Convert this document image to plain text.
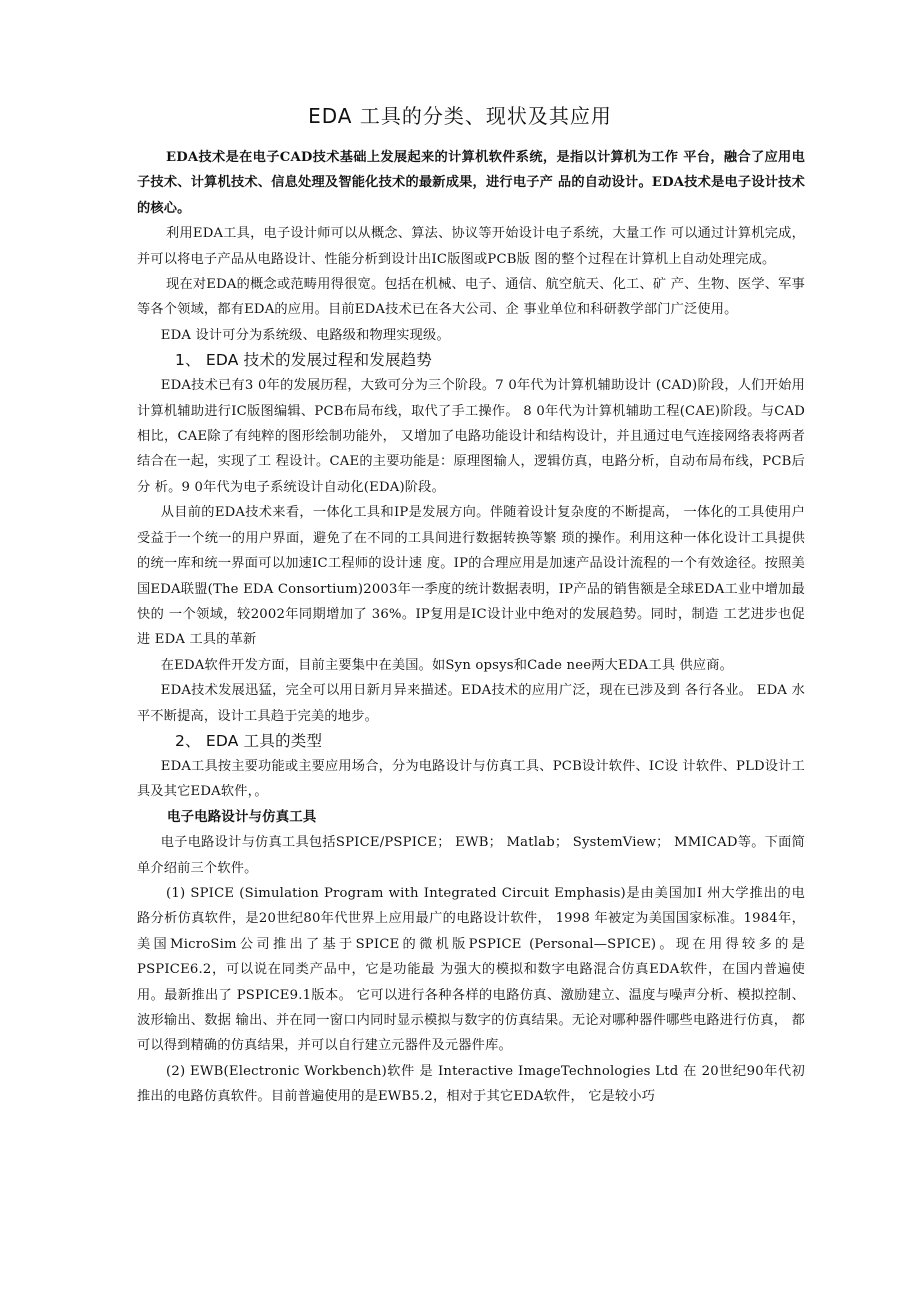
EDA 工具的分类、现状及其应用

EDA技术是在电子CAD技术基础上发展起来的计算机软件系统，是指以计算机为工作 平台，融合了应用电子技术、计算机技术、信息处理及智能化技术的最新成果，进行电子产 品的自动设计。EDA技术是电子设计技术的核心。

利用EDA工具，电子设计师可以从概念、算法、协议等开始设计电子系统，大量工作 可以通过计算机完成，并可以将电子产品从电路设计、性能分析到设计出IC版图或PCB版 图的整个过程在计算机上自动处理完成。

现在对EDA的概念或范畴用得很宽。包括在机械、电子、通信、航空航天、化工、矿 产、生物、医学、军事等各个领域，都有EDA的应用。目前EDA技术已在各大公司、企 事业单位和科研教学部门广泛使用。

EDA 设计可分为系统级、电路级和物理实现级。

1、 EDA 技术的发展过程和发展趋势

EDA技术已有3 0年的发展历程，大致可分为三个阶段。7 0年代为计算机辅助设计 (CAD)阶段，人们开始用计算机辅助进行IC版图编辑、PCB布局布线，取代了手工操作。 8 0年代为计算机辅助工程(CAE)阶段。与CAD相比，CAE除了有纯粹的图形绘制功能外， 又增加了电路功能设计和结构设计，并且通过电气连接网络表将两者结合在一起，实现了工 程设计。CAE的主要功能是：原理图输人，逻辑仿真，电路分析，自动布局布线，PCB后分 析。9 0年代为电子系统设计自动化(EDA)阶段。

从目前的EDA技术来看，一体化工具和IP是发展方向。伴随着设计复杂度的不断提高， 一体化的工具使用户受益于一个统一的用户界面，避免了在不同的工具间进行数据转换等繁 琐的操作。利用这种一体化设计工具提供的统一库和统一界面可以加速IC工程师的设计速 度。IP的合理应用是加速产品设计流程的一个有效途径。按照美国EDA联盟(The EDA Consortium)2003年一季度的统计数据表明，IP产品的销售额是全球EDA工业中增加最快的 一个领域，较2002年同期增加了 36%。IP复用是IC设计业中绝对的发展趋势。同时，制造 工艺进步也促进 EDA 工具的革新

在EDA软件开发方面，目前主要集中在美国。如Syn opsys和Cade nee两大EDA工具 供应商。

EDA技术发展迅猛，完全可以用日新月异来描述。EDA技术的应用广泛，现在已涉及到 各行各业。 EDA 水平不断提高，设计工具趋于完美的地步。

2、 EDA 工具的类型

EDA工具按主要功能或主要应用场合，分为电路设计与仿真工具、PCB设计软件、IC设 计软件、PLD设计工具及其它EDA软件，。

电子电路设计与仿真工具

电子电路设计与仿真工具包括SPICE/PSPICE； EWB； Matlab； SystemView； MMICAD等。下面简单介绍前三个软件。

(1) SPICE (Simulation Program with Integrated Circuit Emphasis)是由美国加I 州大学推出的电路分析仿真软件，是20世纪80年代世界上应用最广的电路设计软件， 1998 年被定为美国国家标准。1984年，美国MicroSim公司推出了基于SPICE的微机版PSPICE (Personal—SPICE)。现在用得较多的是PSPICE6.2，可以说在同类产品中，它是功能最 为强大的模拟和数字电路混合仿真EDA软件，在国内普遍使用。最新推出了 PSPICE9.1版本。 它可以进行各种各样的电路仿真、激励建立、温度与噪声分析、模拟控制、波形输出、数据 输出、并在同一窗口内同时显示模拟与数字的仿真结果。无论对哪种器件哪些电路进行仿真， 都可以得到精确的仿真结果，并可以自行建立元器件及元器件库。

(2) EWB(Electronic Workbench)软件 是 Interactive ImageTechnologies Ltd 在 20世纪90年代初推出的电路仿真软件。目前普遍使用的是EWB5.2，相对于其它EDA软件， 它是较小巧
